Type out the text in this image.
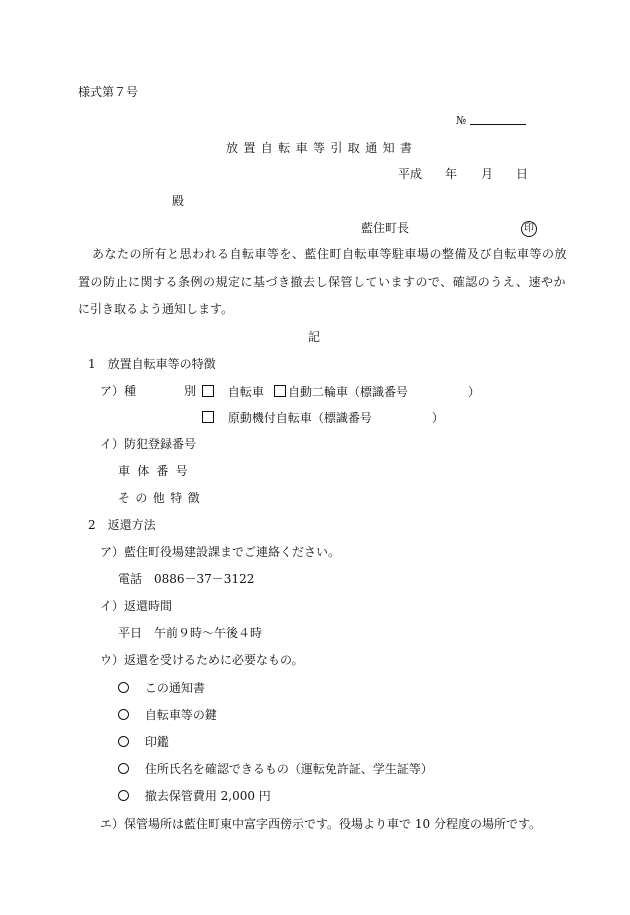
様式第７号
№
放置自転車等引取通知書
平成 年 月 日
殿
藍住町長	印
あなたの所有と思われる自転車等を、藍住町自転車等駐車場の整備及び自転車等の放
置の防止に関する条例の規定に基づき撤去し保管していますので、確認のうえ、速やか
に引き取るよう通知します。
記
1　放置自転車等の特徴
ア）種　　　　別	自転車	自動二輪車（標識番号　　　　　）
原動機付自転車（標識番号　　　　　）
イ）防犯登録番号
車体番号
その他特徴
2　返還方法
ア）藍住町役場建設課までご連絡ください。
電話　0886－37－3122
イ）返還時間
平日　午前９時～午後４時
ウ）返還を受けるために必要なもの。
この通知書
自転車等の鍵
印鑑
住所氏名を確認できるもの（運転免許証、学生証等）
撤去保管費用 2,000 円
エ）保管場所は藍住町東中富字西傍示です。役場より車で 10 分程度の場所です。
